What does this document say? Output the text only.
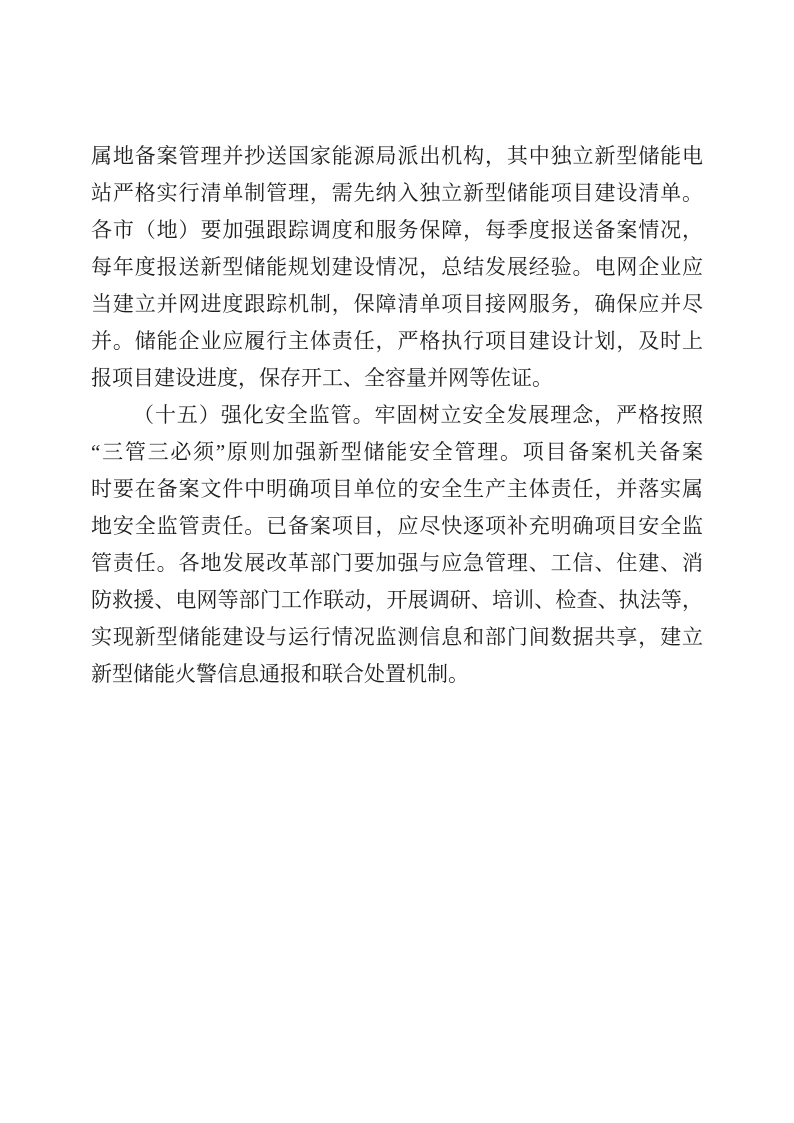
属地备案管理并抄送国家能源局派出机构，其中独立新型储能电
站严格实行清单制管理，需先纳入独立新型储能项目建设清单。
各市（地）要加强跟踪调度和服务保障，每季度报送备案情况，
每年度报送新型储能规划建设情况，总结发展经验。电网企业应
当建立并网进度跟踪机制，保障清单项目接网服务，确保应并尽
并。储能企业应履行主体责任，严格执行项目建设计划，及时上
报项目建设进度，保存开工、全容量并网等佐证。
（十五）强化安全监管。牢固树立安全发展理念，严格按照
“三管三必须”原则加强新型储能安全管理。项目备案机关备案
时要在备案文件中明确项目单位的安全生产主体责任，并落实属
地安全监管责任。已备案项目，应尽快逐项补充明确项目安全监
管责任。各地发展改革部门要加强与应急管理、工信、住建、消
防救援、电网等部门工作联动，开展调研、培训、检查、执法等，
实现新型储能建设与运行情况监测信息和部门间数据共享，建立
新型储能火警信息通报和联合处置机制。
